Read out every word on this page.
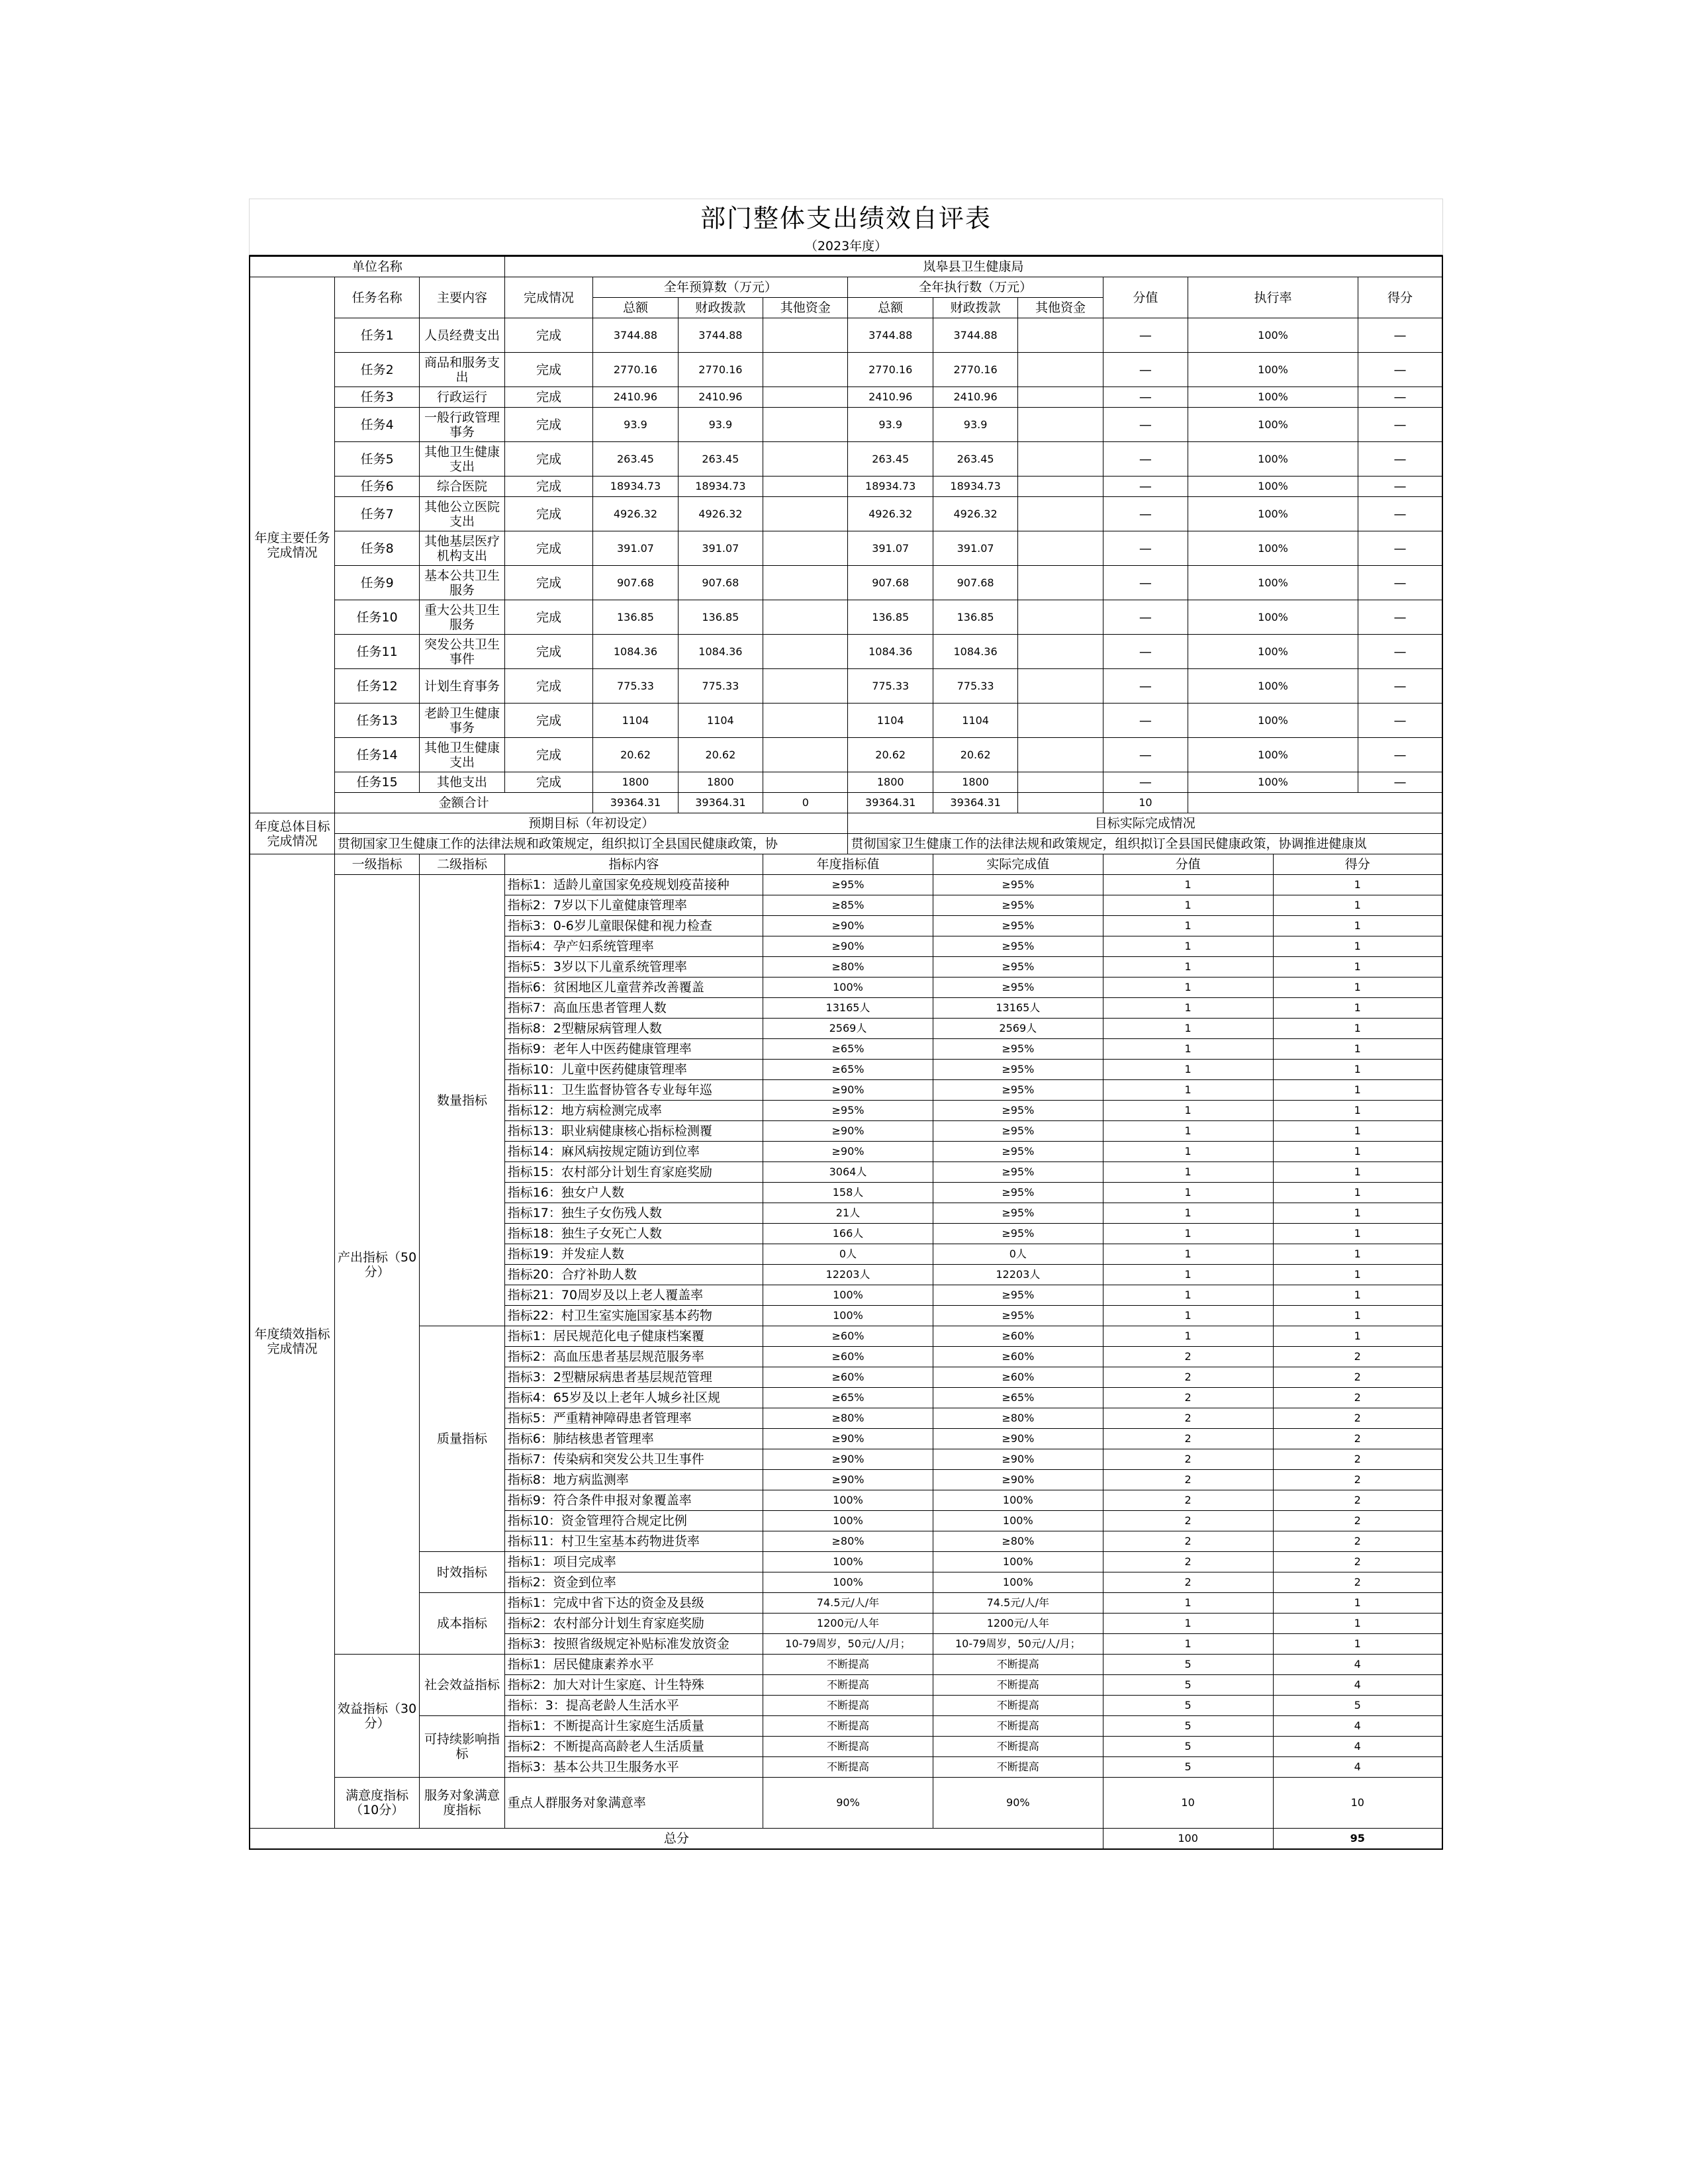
部门整体支出绩效自评表
（2023年度）
单位名称			岚皋县卫生健康局										
年度主要任务完成情况	任务名称	主要内容	完成情况	全年预算数（万元）			全年执行数（万元）			分值	执行率		得分
				总额	财政拨款	其他资金	总额	财政拨款	其他资金				
	任务1	人员经费支出	完成	3744.88	3744.88		3744.88	3744.88		—	100%		—
	任务2	商品和服务支出	完成	2770.16	2770.16		2770.16	2770.16		—	100%		—
	任务3	行政运行	完成	2410.96	2410.96		2410.96	2410.96		—	100%		—
	任务4	一般行政管理事务	完成	93.9	93.9		93.9	93.9		—	100%		—
	任务5	其他卫生健康支出	完成	263.45	263.45		263.45	263.45		—	100%		—
	任务6	综合医院	完成	18934.73	18934.73		18934.73	18934.73		—	100%		—
	任务7	其他公立医院支出	完成	4926.32	4926.32		4926.32	4926.32		—	100%		—
	任务8	其他基层医疗机构支出	完成	391.07	391.07		391.07	391.07		—	100%		—
	任务9	基本公共卫生服务	完成	907.68	907.68		907.68	907.68		—	100%		—
	任务10	重大公共卫生服务	完成	136.85	136.85		136.85	136.85		—	100%		—
	任务11	突发公共卫生事件	完成	1084.36	1084.36		1084.36	1084.36		—	100%		—
	任务12	计划生育事务	完成	775.33	775.33		775.33	775.33		—	100%		—
	任务13	老龄卫生健康事务	完成	1104	1104		1104	1104		—	100%		—
	任务14	其他卫生健康支出	完成	20.62	20.62		20.62	20.62		—	100%		—
	任务15	其他支出	完成	1800	1800		1800	1800		—	100%		—
	金额合计			39364.31	39364.31	0	39364.31	39364.31		10			
年度总体目标完成情况	预期目标（年初设定）						目标实际完成情况						
	贯彻国家卫生健康工作的法律法规和政策规定，组织拟订全县国民健康政策，协						贯彻国家卫生健康工作的法律法规和政策规定，组织拟订全县国民健康政策，协调推进健康岚						
年度绩效指标完成情况	一级指标	二级指标	指标内容			年度指标值		实际完成值		分值		得分	
	产出指标（50分）	数量指标	指标1：适龄儿童国家免疫规划疫苗接种			≥95%		≥95%		1		1	
			指标2：7岁以下儿童健康管理率			≥85%		≥95%		1		1	
			指标3：0-6岁儿童眼保健和视力检查			≥90%		≥95%		1		1	
			指标4：孕产妇系统管理率			≥90%		≥95%		1		1	
			指标5：3岁以下儿童系统管理率			≥80%		≥95%		1		1	
			指标6：贫困地区儿童营养改善覆盖			100%		≥95%		1		1	
			指标7：高血压患者管理人数			13165人		13165人		1		1	
			指标8：2型糖尿病管理人数			2569人		2569人		1		1	
			指标9：老年人中医药健康管理率			≥65%		≥95%		1		1	
			指标10：儿童中医药健康管理率			≥65%		≥95%		1		1	
			指标11：卫生监督协管各专业每年巡			≥90%		≥95%		1		1	
			指标12：地方病检测完成率			≥95%		≥95%		1		1	
			指标13：职业病健康核心指标检测覆			≥90%		≥95%		1		1	
			指标14：麻风病按规定随访到位率			≥90%		≥95%		1		1	
			指标15：农村部分计划生育家庭奖励			3064人		≥95%		1		1	
			指标16：独女户人数			158人		≥95%		1		1	
			指标17：独生子女伤残人数			21人		≥95%		1		1	
			指标18：独生子女死亡人数			166人		≥95%		1		1	
			指标19：并发症人数			0人		0人		1		1	
			指标20：合疗补助人数			12203人		12203人		1		1	
			指标21：70周岁及以上老人覆盖率			100%		≥95%		1		1	
			指标22：村卫生室实施国家基本药物			100%		≥95%		1		1	
		质量指标	指标1：居民规范化电子健康档案覆			≥60%		≥60%		1		1	
			指标2：高血压患者基层规范服务率			≥60%		≥60%		2		2	
			指标3：2型糖尿病患者基层规范管理			≥60%		≥60%		2		2	
			指标4：65岁及以上老年人城乡社区规			≥65%		≥65%		2		2	
			指标5：严重精神障碍患者管理率			≥80%		≥80%		2		2	
			指标6：肺结核患者管理率			≥90%		≥90%		2		2	
			指标7：传染病和突发公共卫生事件			≥90%		≥90%		2		2	
			指标8：地方病监测率			≥90%		≥90%		2		2	
			指标9：符合条件申报对象覆盖率			100%		100%		2		2	
			指标10：资金管理符合规定比例			100%		100%		2		2	
			指标11：村卫生室基本药物进货率			≥80%		≥80%		2		2	
		时效指标	指标1：项目完成率			100%		100%		2		2	
			指标2：资金到位率			100%		100%		2		2	
		成本指标	指标1：完成中省下达的资金及县级			74.5元/人/年		74.5元/人/年		1		1	
			指标2：农村部分计划生育家庭奖励			1200元/人年		1200元/人年		1		1	
			指标3：按照省级规定补贴标准发放资金			10-79周岁，50元/人/月；		10-79周岁，50元/人/月；		1		1	
	效益指标（30分）	社会效益指标	指标1：居民健康素养水平			不断提高		不断提高		5		4	
			指标2：加大对计生家庭、计生特殊			不断提高		不断提高		5		4	
			指标：3：提高老龄人生活水平			不断提高		不断提高		5		5	
		可持续影响指标	指标1：不断提高计生家庭生活质量			不断提高		不断提高		5		4	
			指标2：不断提高高龄老人生活质量			不断提高		不断提高		5		4	
			指标3：基本公共卫生服务水平			不断提高		不断提高		5		4	
	满意度指标（10分）	服务对象满意度指标	重点人群服务对象满意率			90%		90%		10		10	
总分										100		95	
